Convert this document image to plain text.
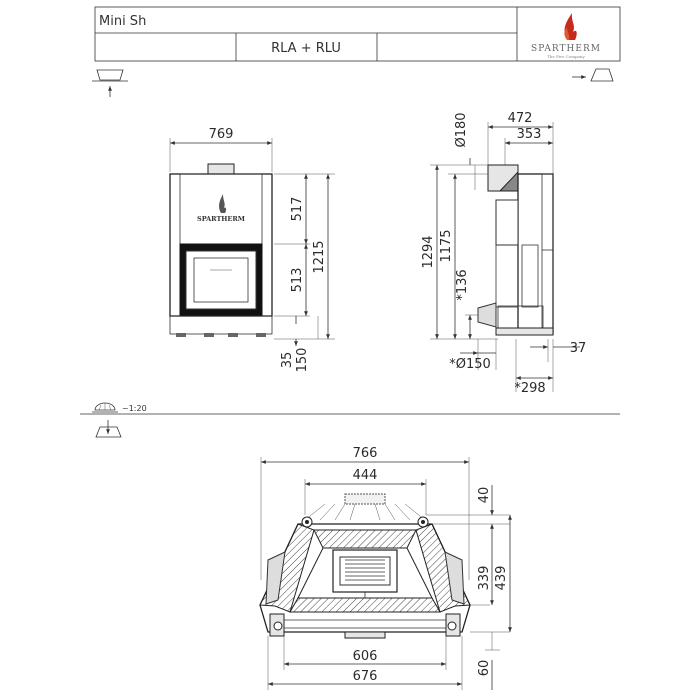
Mini Sh
RLA + RLU	SPARTHERM
The Fire Company
769
SPARTHERM	517
513
1215
35 150
472
353
Ø180
1294 1175
*136
*Ø150
37
*298
~1:20
766
444
40
339 439
60
606
676
